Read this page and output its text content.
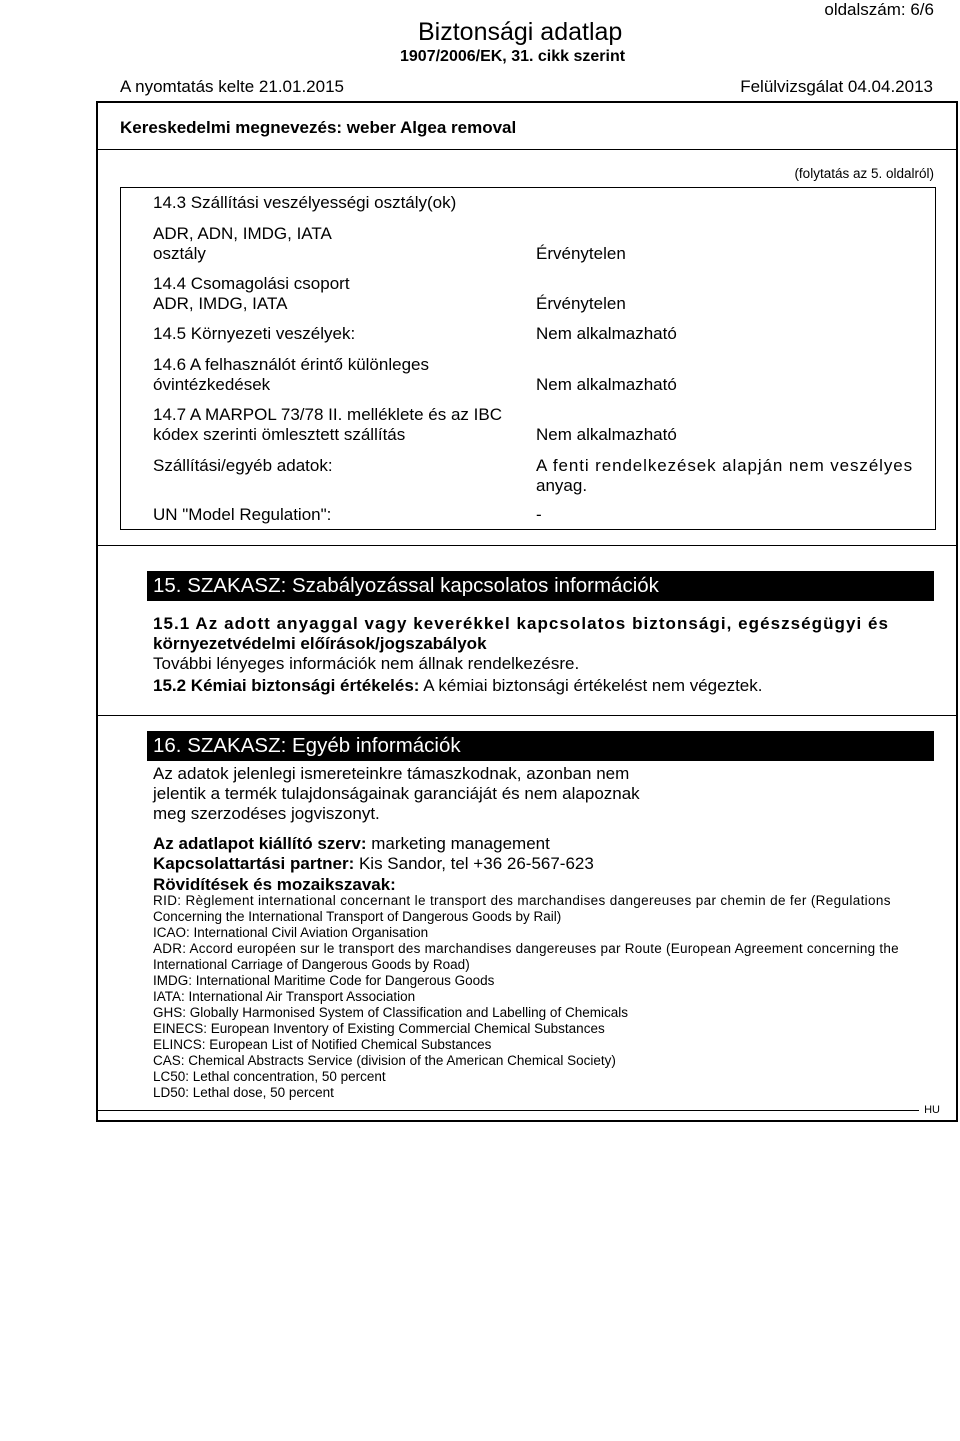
oldalszám: 6/6
Biztonsági adatlap
1907/2006/EK, 31. cikk szerint
A nyomtatás kelte 21.01.2015	Felülvizsgálat 04.04.2013
Kereskedelmi megnevezés: weber Algea removal
(folytatás az 5. oldalról)
14.3 Szállítási veszélyességi osztály(ok)
ADR, ADN, IMDG, IATA
osztály	Érvénytelen
14.4 Csomagolási csoport
ADR, IMDG, IATA	Érvénytelen
14.5 Környezeti veszélyek:	Nem alkalmazható
14.6 A felhasználót érintő különleges
óvintézkedések	Nem alkalmazható
14.7 A MARPOL 73/78 II. melléklete és az IBC
kódex szerinti ömlesztett szállítás	Nem alkalmazható
Szállítási/egyéb adatok:	A fenti rendelkezések alapján nem veszélyes
anyag.
UN "Model Regulation":	-
15. SZAKASZ: Szabályozással kapcsolatos információk
15.1 Az adott anyaggal vagy keverékkel kapcsolatos biztonsági, egészségügyi és
környezetvédelmi előírások/jogszabályok
További lényeges információk nem állnak rendelkezésre.
15.2 Kémiai biztonsági értékelés: A kémiai biztonsági értékelést nem végeztek.
16. SZAKASZ: Egyéb információk
Az adatok jelenlegi ismereteinkre támaszkodnak, azonban nem
jelentik a termék tulajdonságainak garanciáját és nem alapoznak
meg szerzodéses jogviszonyt.
Az adatlapot kiállító szerv: marketing management
Kapcsolattartási partner: Kis Sandor, tel +36 26-567-623
Rövidítések és mozaikszavak:
RID: Règlement international concernant le transport des marchandises dangereuses par chemin de fer (Regulations
Concerning the International Transport of Dangerous Goods by Rail)
ICAO: International Civil Aviation Organisation
ADR: Accord européen sur le transport des marchandises dangereuses par Route (European Agreement concerning the
International Carriage of Dangerous Goods by Road)
IMDG: International Maritime Code for Dangerous Goods
IATA: International Air Transport Association
GHS: Globally Harmonised System of Classification and Labelling of Chemicals
EINECS: European Inventory of Existing Commercial Chemical Substances
ELINCS: European List of Notified Chemical Substances
CAS: Chemical Abstracts Service (division of the American Chemical Society)
LC50: Lethal concentration, 50 percent
LD50: Lethal dose, 50 percent
HU
